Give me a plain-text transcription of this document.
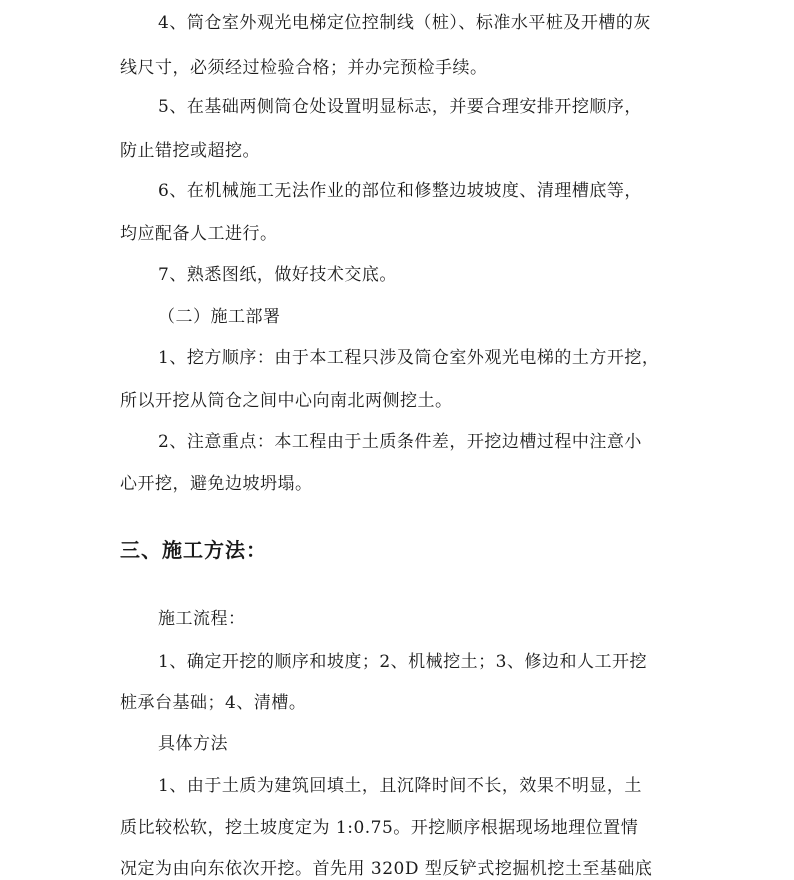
4、筒仓室外观光电梯定位控制线（桩）、标准水平桩及开槽的灰
线尺寸，必须经过检验合格；并办完预检手续。
5、在基础两侧筒仓处设置明显标志，并要合理安排开挖顺序，
防止错挖或超挖。
6、在机械施工无法作业的部位和修整边坡坡度、清理槽底等，
均应配备人工进行。
7、熟悉图纸，做好技术交底。
（二）施工部署
1、挖方顺序：由于本工程只涉及筒仓室外观光电梯的土方开挖，
所以开挖从筒仓之间中心向南北两侧挖土。
2、注意重点：本工程由于土质条件差，开挖边槽过程中注意小
心开挖，避免边坡坍塌。
三、施工方法：
施工流程：
1、确定开挖的顺序和坡度；2、机械挖土；3、修边和人工开挖
桩承台基础；4、清槽。
具体方法
1、由于土质为建筑回填土，且沉降时间不长，效果不明显，土
质比较松软，挖土坡度定为 1:0.75。开挖顺序根据现场地理位置情
况定为由向东依次开挖。首先用 320D 型反铲式挖掘机挖土至基础底
